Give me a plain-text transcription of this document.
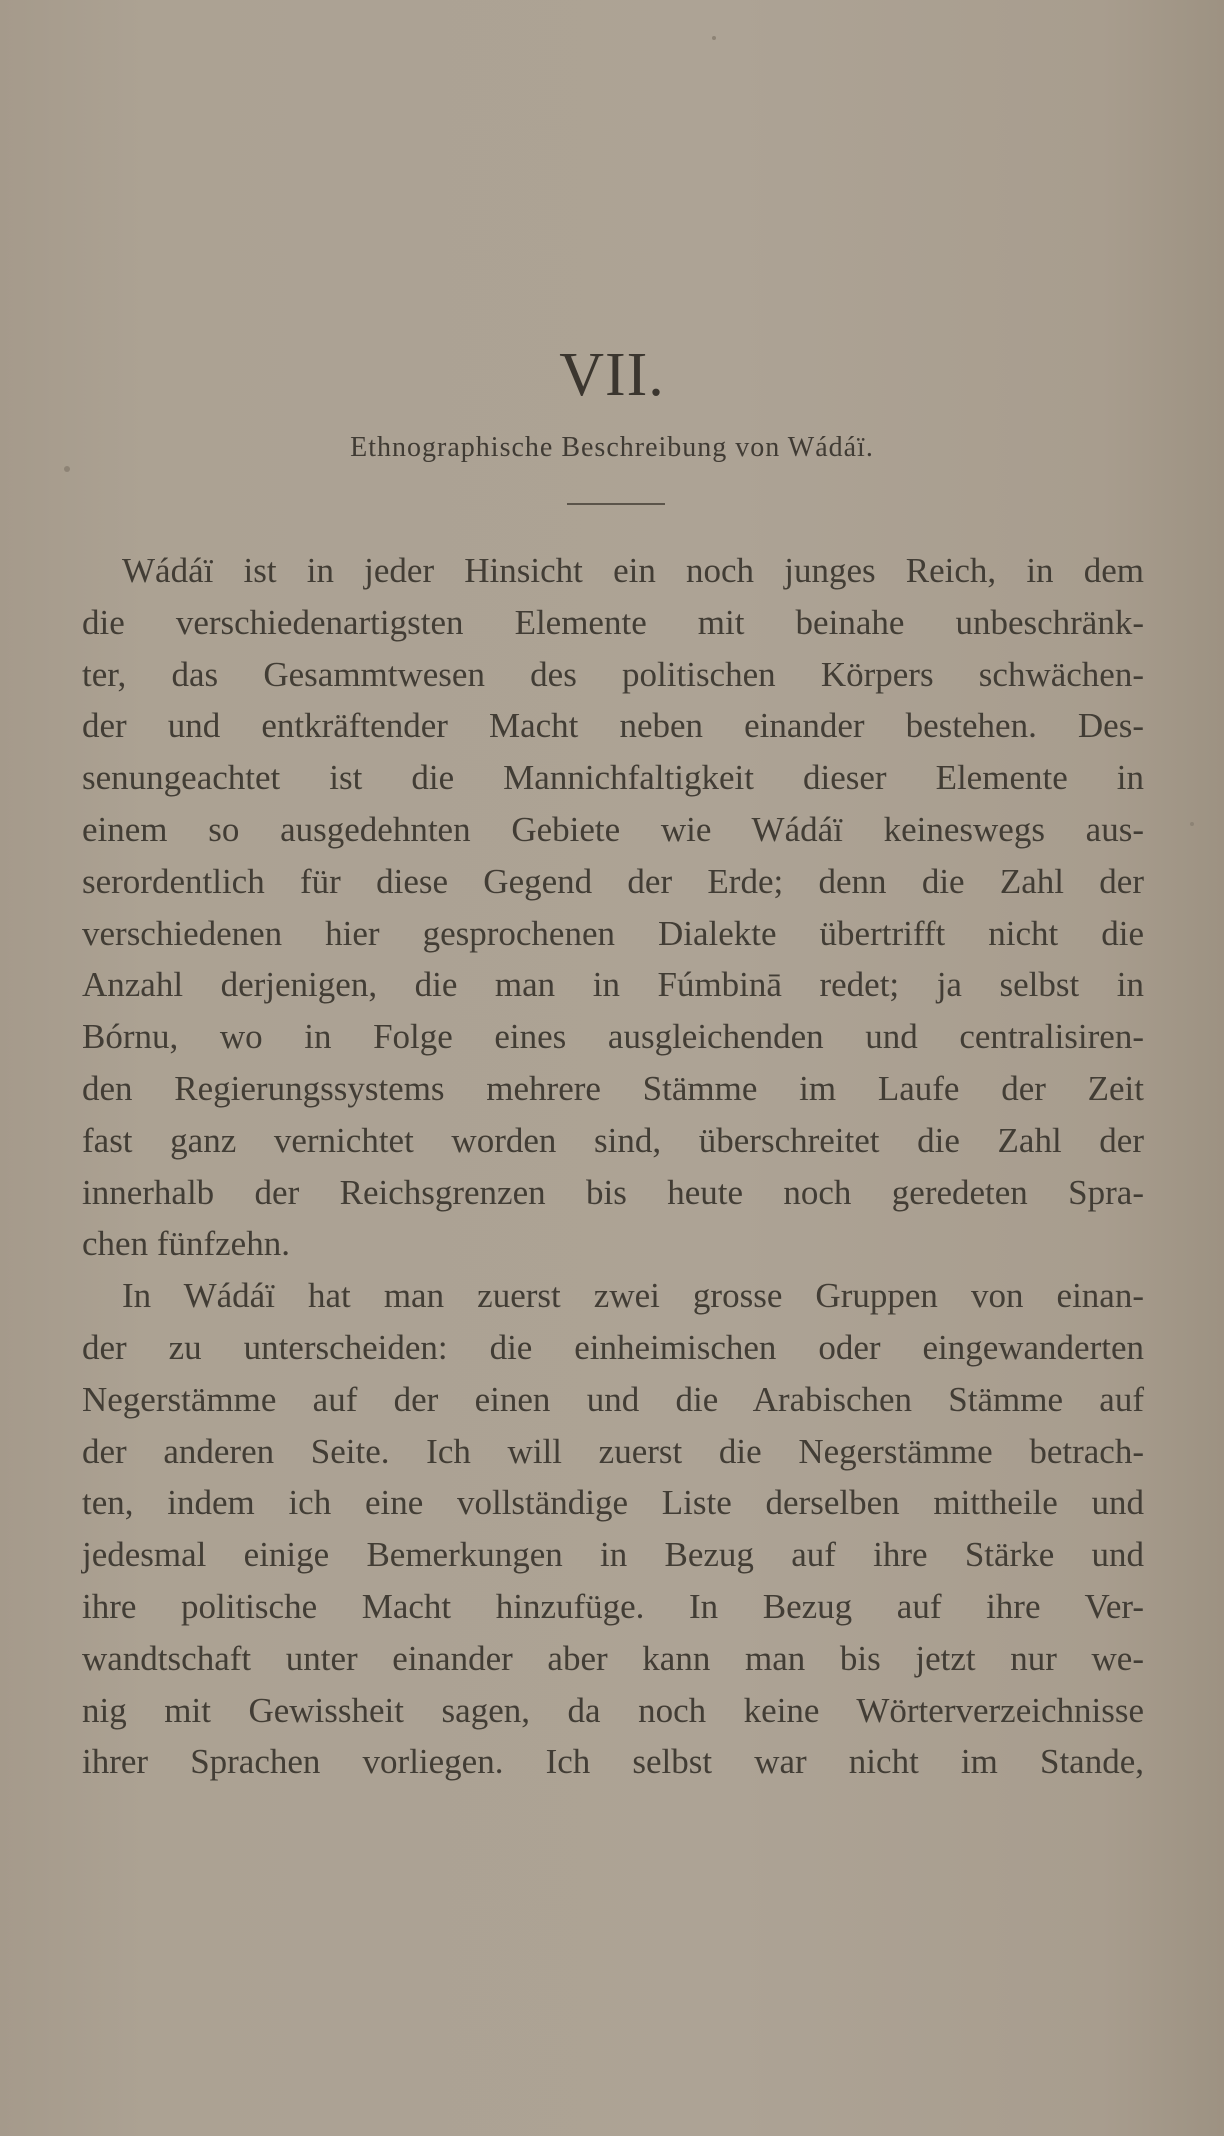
VII.
Ethnographische Beschreibung von Wádáï.
Wádáï ist in jeder Hinsicht ein noch junges Reich, in dem
die verschiedenartigsten Elemente mit beinahe unbeschränk-
ter, das Gesammtwesen des politischen Körpers schwächen-
der und entkräftender Macht neben einander bestehen. Des-
senungeachtet ist die Mannichfaltigkeit dieser Elemente in
einem so ausgedehnten Gebiete wie Wádáï keineswegs aus-
serordentlich für diese Gegend der Erde; denn die Zahl der
verschiedenen hier gesprochenen Dialekte übertrifft nicht die
Anzahl derjenigen, die man in Fúmbinā redet; ja selbst in
Bórnu, wo in Folge eines ausgleichenden und centralisiren-
den Regierungssystems mehrere Stämme im Laufe der Zeit
fast ganz vernichtet worden sind, überschreitet die Zahl der
innerhalb der Reichsgrenzen bis heute noch geredeten Spra-
chen fünfzehn.
In Wádáï hat man zuerst zwei grosse Gruppen von einan-
der zu unterscheiden: die einheimischen oder eingewanderten
Negerstämme auf der einen und die Arabischen Stämme auf
der anderen Seite. Ich will zuerst die Negerstämme betrach-
ten, indem ich eine vollständige Liste derselben mittheile und
jedesmal einige Bemerkungen in Bezug auf ihre Stärke und
ihre politische Macht hinzufüge. In Bezug auf ihre Ver-
wandtschaft unter einander aber kann man bis jetzt nur we-
nig mit Gewissheit sagen, da noch keine Wörterverzeichnisse
ihrer Sprachen vorliegen. Ich selbst war nicht im Stande,
